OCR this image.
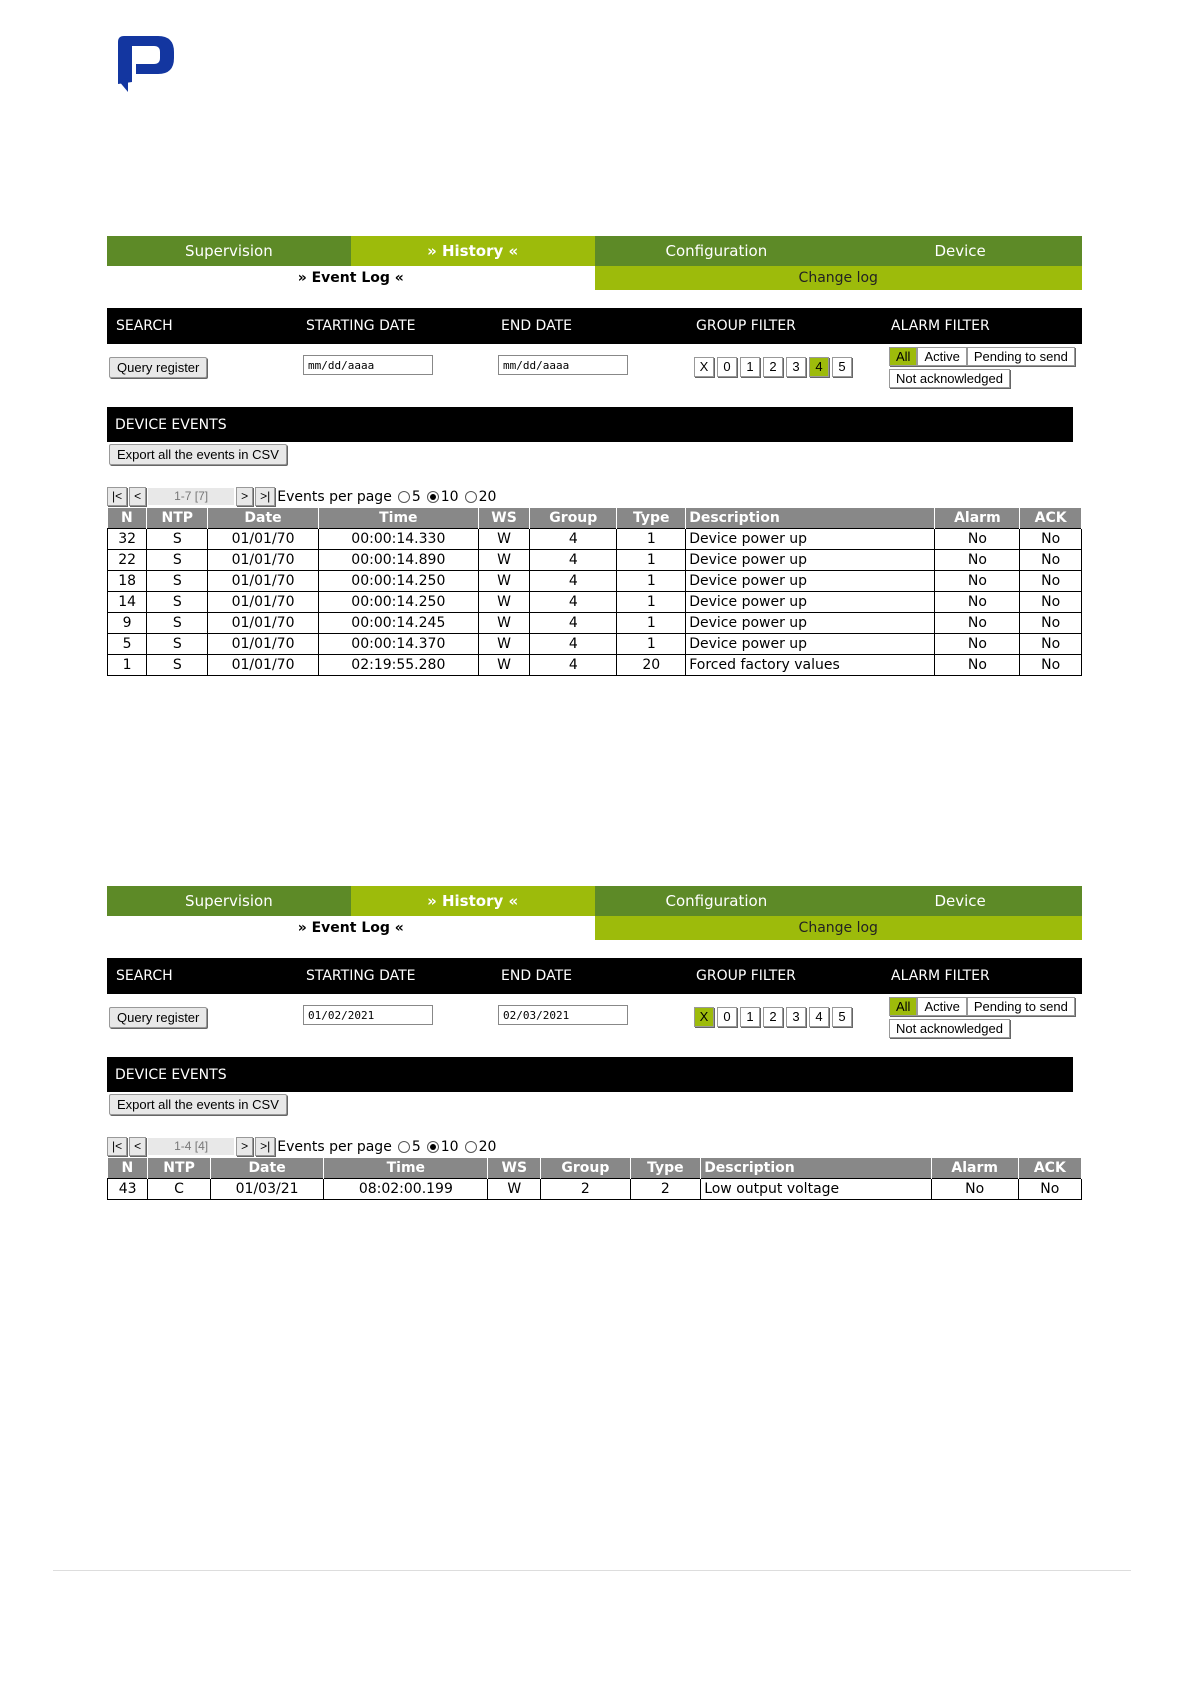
Supervision	» History «	Configuration	Device
» Event Log «	Change log
SEARCH	STARTING DATE	END DATE	GROUP FILTER	ALARM FILTER
Query register	mm/dd/aaaa	mm/dd/aaaa	X	0	1	2	3	4	5
All Active Pending to send
Not acknowledged
DEVICE EVENTS
Export all the events in CSV
|<	<	1-7 [7]	>	>| Events per page 5 10 20
N	NTP	Date	Time	WS	Group	Type	Description	Alarm	ACK
32	S	01/01/70	00:00:14.330	W	4	1	Device power up	No	No
22	S	01/01/70	00:00:14.890	W	4	1	Device power up	No	No
18	S	01/01/70	00:00:14.250	W	4	1	Device power up	No	No
14	S	01/01/70	00:00:14.250	W	4	1	Device power up	No	No
9	S	01/01/70	00:00:14.245	W	4	1	Device power up	No	No
5	S	01/01/70	00:00:14.370	W	4	1	Device power up	No	No
1	S	01/01/70	02:19:55.280	W	4	20	Forced factory values	No	No
Supervision	» History «	Configuration	Device
» Event Log «	Change log
SEARCH	STARTING DATE	END DATE	GROUP FILTER	ALARM FILTER
Query register	01/02/2021	02/03/2021	X	0	1	2	3	4	5
All Active Pending to send
Not acknowledged
DEVICE EVENTS
Export all the events in CSV
|<	<	1-4 [4]	>	>| Events per page 5 10 20
N	NTP	Date	Time	WS	Group	Type	Description	Alarm	ACK
43	C	01/03/21	08:02:00.199	W	2	2	Low output voltage	No	No
